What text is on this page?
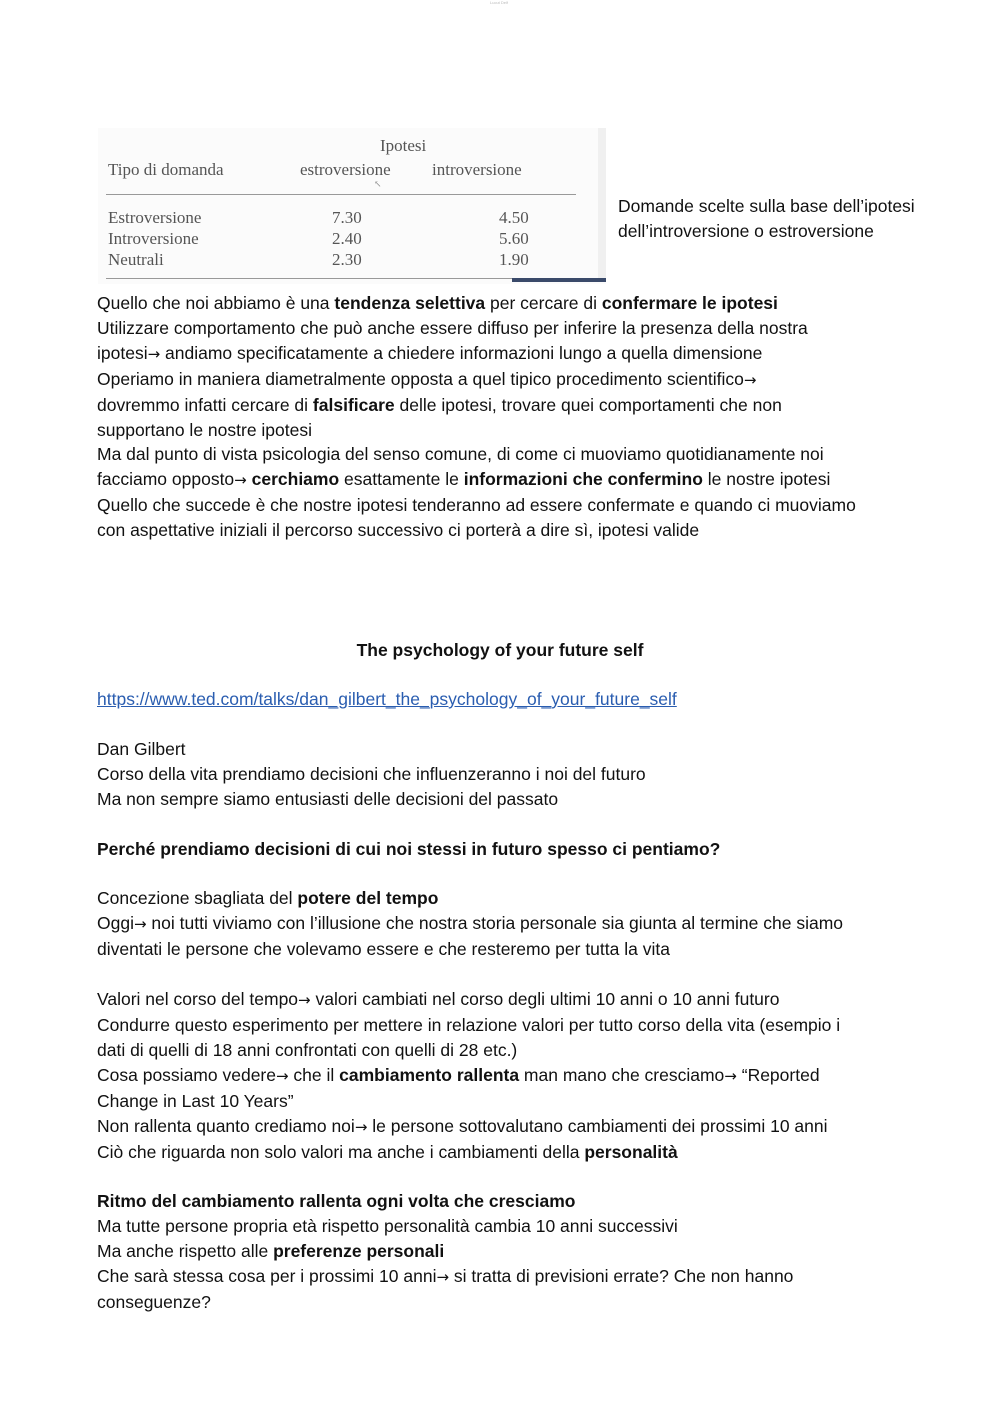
Lucut Delf
Ipotesi
Tipo di domanda	estroversione introversione
↖
Estroversione	7.30	4.50
Introversione	2.40	5.60
Neutrali	2.30	1.90
Domande scelte sulla base dell’ipotesi dell’introversione o estroversione

Quello che noi abbiamo è una tendenza selettiva per cercare di confermare le ipotesi

Utilizzare comportamento che può anche essere diffuso per inferire la presenza della nostra

ipotesi→ andiamo specificatamente a chiedere informazioni lungo a quella dimensione

Operiamo in maniera diametralmente opposta a quel tipico procedimento scientifico→

dovremmo infatti cercare di falsificare delle ipotesi, trovare quei comportamenti che non

supportano le nostre ipotesi

Ma dal punto di vista psicologia del senso comune, di come ci muoviamo quotidianamente noi

facciamo opposto→ cerchiamo esattamente le informazioni che confermino le nostre ipotesi

Quello che succede è che nostre ipotesi tenderanno ad essere confermate e quando ci muoviamo

con aspettative iniziali il percorso successivo ci porterà a dire sì, ipotesi valide

The psychology of your future self
https://www.ted.com/talks/dan_gilbert_the_psychology_of_your_future_self

Dan Gilbert

Corso della vita prendiamo decisioni che influenzeranno i noi del futuro

Ma non sempre siamo entusiasti delle decisioni del passato

Perché prendiamo decisioni di cui noi stessi in futuro spesso ci pentiamo?

Concezione sbagliata del potere del tempo

Oggi→ noi tutti viviamo con l’illusione che nostra storia personale sia giunta al termine che siamo

diventati le persone che volevamo essere e che resteremo per tutta la vita

Valori nel corso del tempo→ valori cambiati nel corso degli ultimi 10 anni o 10 anni futuro

Condurre questo esperimento per mettere in relazione valori per tutto corso della vita (esempio i

dati di quelli di 18 anni confrontati con quelli di 28 etc.)

Cosa possiamo vedere→ che il cambiamento rallenta man mano che cresciamo→ “Reported

Change in Last 10 Years”

Non rallenta quanto crediamo noi→ le persone sottovalutano cambiamenti dei prossimi 10 anni

Ciò che riguarda non solo valori ma anche i cambiamenti della personalità

Ritmo del cambiamento rallenta ogni volta che cresciamo

Ma tutte persone propria età rispetto personalità cambia 10 anni successivi

Ma anche rispetto alle preferenze personali

Che sarà stessa cosa per i prossimi 10 anni→ si tratta di previsioni errate? Che non hanno

conseguenze?
